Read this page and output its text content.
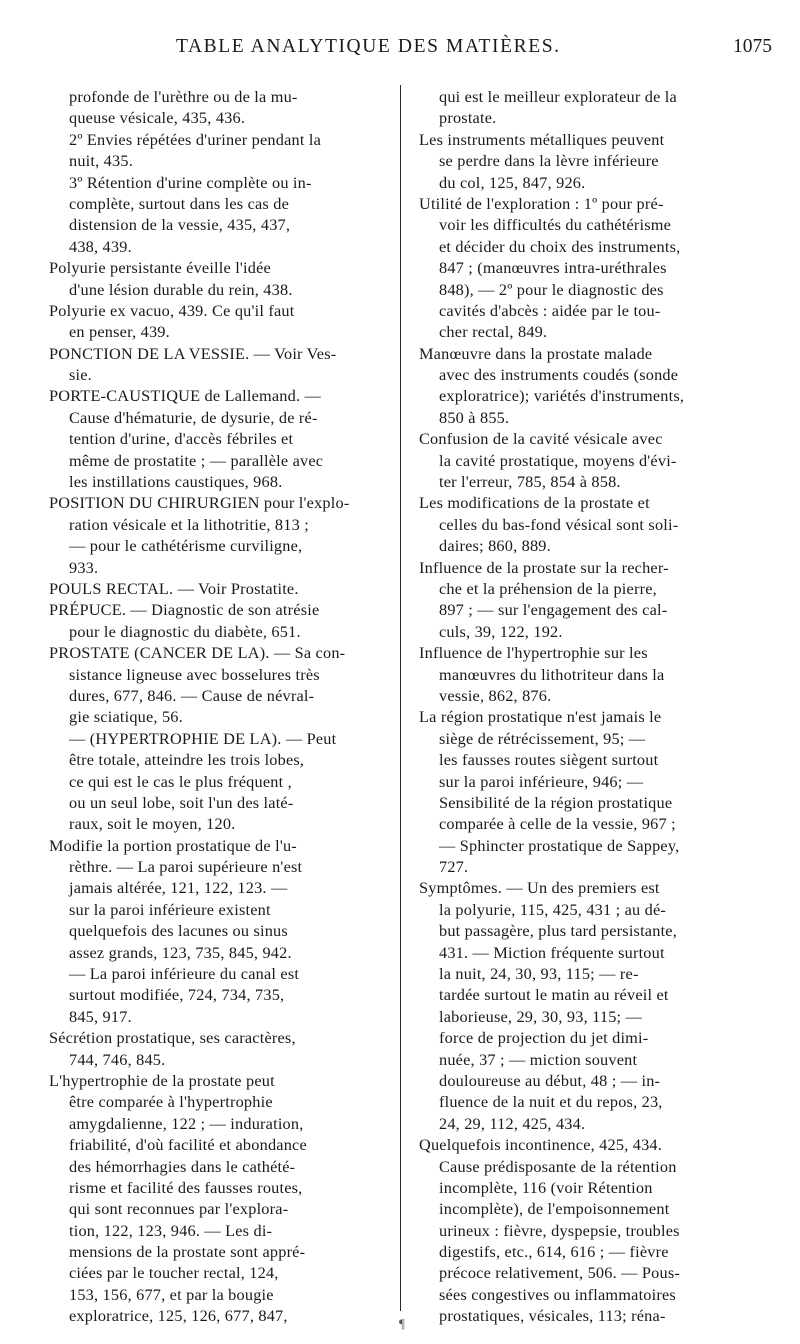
TABLE ANALYTIQUE DES MATIÈRES.	1075
profonde de l'urèthre ou de la mu-
queuse vésicale, 435, 436.
2º Envies répétées d'uriner pendant la
nuit, 435.
3º Rétention d'urine complète ou in-
complète, surtout dans les cas de
distension de la vessie, 435, 437,
438, 439.
Polyurie persistante éveille l'idée
d'une lésion durable du rein, 438.
Polyurie ex vacuo, 439. Ce qu'il faut
en penser, 439.
PONCTION DE LA VESSIE. — Voir Ves-
sie.
PORTE-CAUSTIQUE de Lallemand. —
Cause d'hématurie, de dysurie, de ré-
tention d'urine, d'accès fébriles et
même de prostatite ; — parallèle avec
les instillations caustiques, 968.
POSITION DU CHIRURGIEN pour l'explo-
ration vésicale et la lithotritie, 813 ;
— pour le cathétérisme curviligne,
933.
POULS RECTAL. — Voir Prostatite.
PRÉPUCE. — Diagnostic de son atrésie
pour le diagnostic du diabète, 651.
PROSTATE (CANCER DE LA). — Sa con-
sistance ligneuse avec bosselures très
dures, 677, 846. — Cause de névral-
gie sciatique, 56.
— (HYPERTROPHIE DE LA). — Peut
être totale, atteindre les trois lobes,
ce qui est le cas le plus fréquent ,
ou un seul lobe, soit l'un des laté-
raux, soit le moyen, 120.
Modifie la portion prostatique de l'u-
rèthre. — La paroi supérieure n'est
jamais altérée, 121, 122, 123. —
sur la paroi inférieure existent
quelquefois des lacunes ou sinus
assez grands, 123, 735, 845, 942.
— La paroi inférieure du canal est
surtout modifiée, 724, 734, 735,
845, 917.
Sécrétion prostatique, ses caractères,
744, 746, 845.
L'hypertrophie de la prostate peut
être comparée à l'hypertrophie
amygdalienne, 122 ; — induration,
friabilité, d'où facilité et abondance
des hémorrhagies dans le cathété-
risme et facilité des fausses routes,
qui sont reconnues par l'explora-
tion, 122, 123, 946. — Les di-
mensions de la prostate sont appré-
ciées par le toucher rectal, 124,
153, 156, 677, et par la bougie
exploratrice, 125, 126, 677, 847,
qui est le meilleur explorateur de la
prostate.
Les instruments métalliques peuvent
se perdre dans la lèvre inférieure
du col, 125, 847, 926.
Utilité de l'exploration : 1º pour pré-
voir les difficultés du cathétérisme
et décider du choix des instruments,
847 ; (manœuvres intra-uréthrales
848), — 2º pour le diagnostic des
cavités d'abcès : aidée par le tou-
cher rectal, 849.
Manœuvre dans la prostate malade
avec des instruments coudés (sonde
exploratrice); variétés d'instruments,
850 à 855.
Confusion de la cavité vésicale avec
la cavité prostatique, moyens d'évi-
ter l'erreur, 785, 854 à 858.
Les modifications de la prostate et
celles du bas-fond vésical sont soli-
daires; 860, 889.
Influence de la prostate sur la recher-
che et la préhension de la pierre,
897 ; — sur l'engagement des cal-
culs, 39, 122, 192.
Influence de l'hypertrophie sur les
manœuvres du lithotriteur dans la
vessie, 862, 876.
La région prostatique n'est jamais le
siège de rétrécissement, 95; —
les fausses routes siègent surtout
sur la paroi inférieure, 946; —
Sensibilité de la région prostatique
comparée à celle de la vessie, 967 ;
— Sphincter prostatique de Sappey,
727.
Symptômes. — Un des premiers est
la polyurie, 115, 425, 431 ; au dé-
but passagère, plus tard persistante,
431. — Miction fréquente surtout
la nuit, 24, 30, 93, 115; — re-
tardée surtout le matin au réveil et
laborieuse, 29, 30, 93, 115; —
force de projection du jet dimi-
nuée, 37 ; — miction souvent
douloureuse au début, 48 ; — in-
fluence de la nuit et du repos, 23,
24, 29, 112, 425, 434.
Quelquefois incontinence, 425, 434.
Cause prédisposante de la rétention
incomplète, 116 (voir Rétention
incomplète), de l'empoisonnement
urineux : fièvre, dyspepsie, troubles
digestifs, etc., 614, 616 ; — fièvre
précoce relativement, 506. — Pous-
sées congestives ou inflammatoires
prostatiques, vésicales, 113; réna-
¶
